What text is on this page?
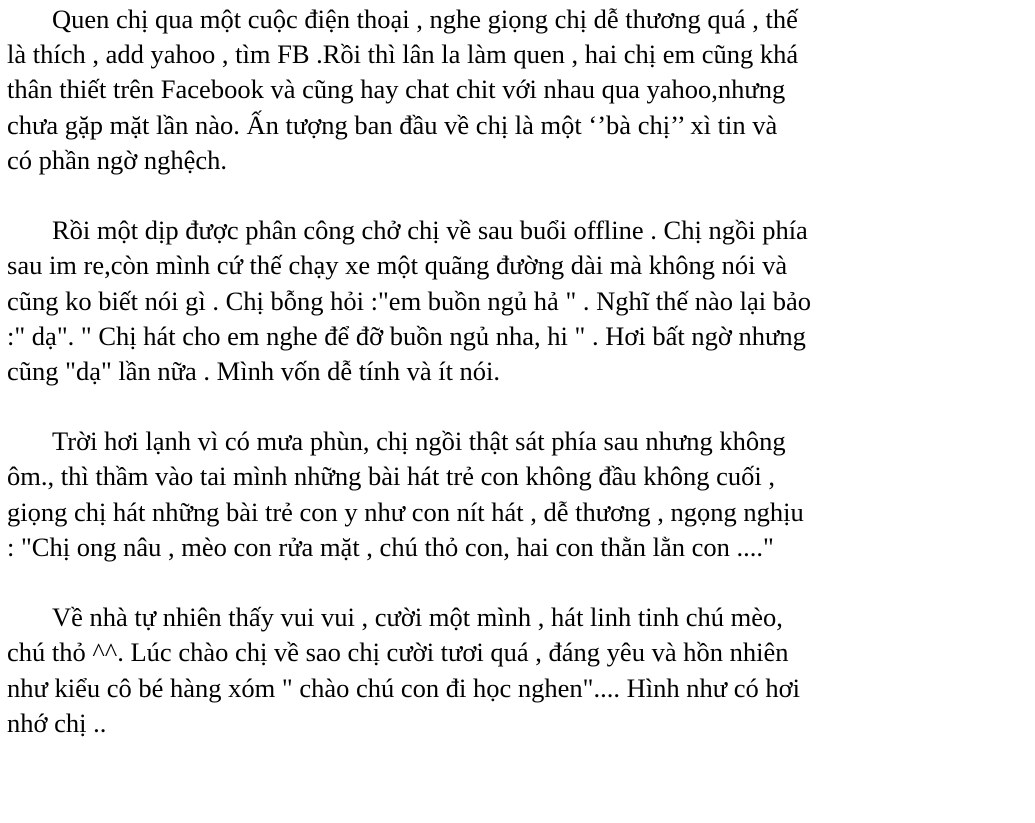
Quen chị qua một cuộc điện thoại , nghe giọng chị dễ thương quá , thế
là thích , add yahoo , tìm FB .Rồi thì lân la làm quen , hai chị em cũng khá
thân thiết trên Facebook và cũng hay chat chit với nhau qua yahoo,nhưng
chưa gặp mặt lần nào. Ấn tượng ban đầu về chị là một ‘’bà chị’’ xì tin và
có phần ngờ nghệch.
Rồi một dịp được phân công chở chị về sau buổi offline . Chị ngồi phía
sau im re,còn mình cứ thế chạy xe một quãng đường dài mà không nói và
cũng ko biết nói gì . Chị bỗng hỏi :"em buồn ngủ hả " . Nghĩ thế nào lại bảo
:" dạ". " Chị hát cho em nghe để đỡ buồn ngủ nha, hi " . Hơi bất ngờ nhưng
cũng "dạ" lần nữa . Mình vốn dễ tính và ít nói.
Trời hơi lạnh vì có mưa phùn, chị ngồi thật sát phía sau nhưng không
ôm., thì thầm vào tai mình những bài hát trẻ con không đầu không cuối ,
giọng chị hát những bài trẻ con y như con nít hát , dễ thương , ngọng nghịu
: "Chị ong nâu , mèo con rửa mặt , chú thỏ con, hai con thằn lằn con ...."
Về nhà tự nhiên thấy vui vui , cười một mình , hát linh tinh chú mèo,
chú thỏ ^^. Lúc chào chị về sao chị cười tươi quá , đáng yêu và hồn nhiên
như kiểu cô bé hàng xóm " chào chú con đi học nghen".... Hình như có hơi
nhớ chị ..
